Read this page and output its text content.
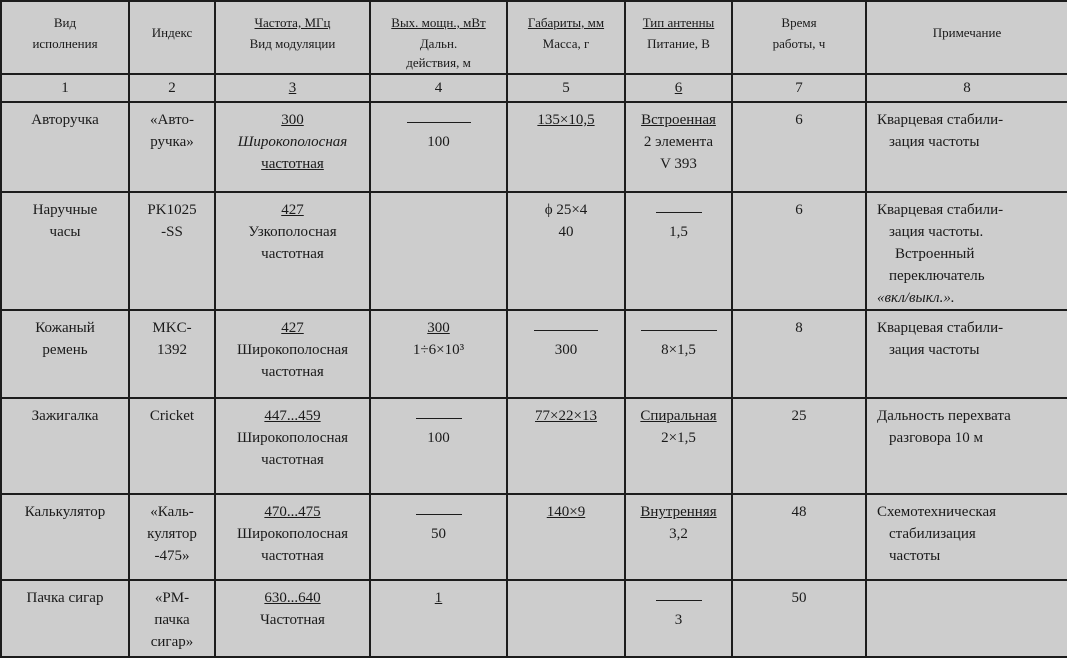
Вид
исполнения	Индекс	Частота, МГц
Вид модуляции	Вых. мощн., мВт
Дальн.
действия, м	Габариты, мм
Масса, г	Тип антенны
Питание, В	Время
работы, ч	Примечание

1	2	3	4	5	6	7	8
Авторучка	«Авто-
ручка»	300
Широкополосная
частотная	100	135×10,5	Встроенная
2 элемента
V 393	6	Кварцевая стабили-
зация частоты

Наручные
часы	PK1025
-SS	427
Узкополосная
частотная		ϕ 25×4
40	1,5	6	Кварцевая стабили-
зация частоты.
Встроенный
переключатель
«вкл/выкл.».

Кожаный
ремень	MKC-
1392	427
Широкополосная
частотная	300
1÷6×10³	300	8×1,5	8	Кварцевая стабили-
зация частоты

Зажигалка	Cricket	447...459
Широкополосная
частотная	100	77×22×13	Спиральная
2×1,5	25	Дальность перехвата
разговора 10 м

Калькулятор	«Каль-
кулятор
-475»	470...475
Широкополосная
частотная	50	140×9	Внутренняя
3,2	48	Схемотехническая
стабилизация
частоты

Пачка сигар	«РМ-
пачка
сигар»	630...640
Частотная	1		3	50	
